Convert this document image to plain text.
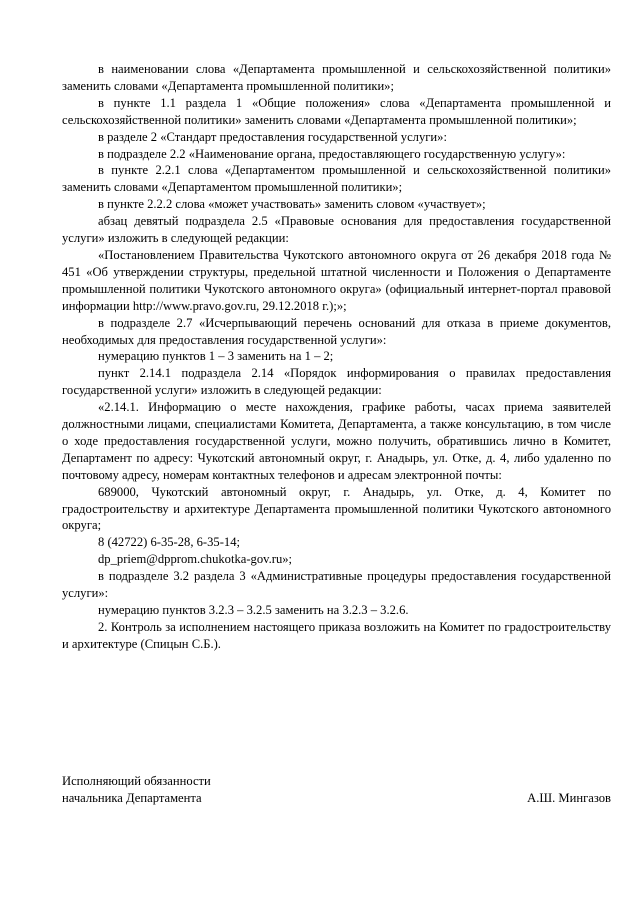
в наименовании слова «Департамента промышленной и сельскохозяйственной политики» заменить словами «Департамента промышленной политики»;

в пункте 1.1 раздела 1 «Общие положения» слова «Департамента промышленной и сельскохозяйственной политики» заменить словами «Департамента промышленной политики»;

в разделе 2 «Стандарт предоставления государственной услуги»:

в подразделе 2.2 «Наименование органа, предоставляющего государственную услугу»:

в пункте 2.2.1 слова «Департаментом промышленной и сельскохозяйственной политики» заменить словами «Департаментом промышленной политики»;

в пункте 2.2.2 слова «может участвовать» заменить словом «участвует»;

абзац девятый подраздела 2.5 «Правовые основания для предоставления государственной услуги» изложить в следующей редакции:

«Постановлением Правительства Чукотского автономного округа от 26 декабря 2018 года № 451 «Об утверждении структуры, предельной штатной численности и Положения о Департаменте промышленной политики Чукотского автономного округа» (официальный интернет-портал правовой информации http://www.pravo.gov.ru, 29.12.2018 г.);»;

в подразделе 2.7 «Исчерпывающий перечень оснований для отказа в приеме документов, необходимых для предоставления государственной услуги»:

нумерацию пунктов 1 – 3 заменить на 1 – 2;

пункт 2.14.1 подраздела 2.14 «Порядок информирования о правилах предоставления государственной услуги» изложить в следующей редакции:

«2.14.1. Информацию о месте нахождения, графике работы, часах приема заявителей должностными лицами, специалистами Комитета, Департамента, а также консультацию, в том числе о ходе предоставления государственной услуги, можно получить, обратившись лично в Комитет, Департамент по адресу: Чукотский автономный округ, г. Анадырь, ул. Отке, д. 4, либо удаленно по почтовому адресу, номерам контактных телефонов и адресам электронной почты:

689000, Чукотский автономный округ, г. Анадырь, ул. Отке, д. 4, Комитет по градостроительству и архитектуре Департамента промышленной политики Чукотского автономного округа;

8 (42722) 6-35-28, 6-35-14;

dp_priem@dpprom.chukotka-gov.ru»;

в подразделе 3.2 раздела 3 «Административные процедуры предоставления государственной услуги»:

нумерацию пунктов 3.2.3 – 3.2.5 заменить на 3.2.3 – 3.2.6.

2. Контроль за исполнением настоящего приказа возложить на Комитет по градостроительству и архитектуре (Спицын С.Б.).

Исполняющий обязанности
начальника Департамента	А.Ш. Мингазов
